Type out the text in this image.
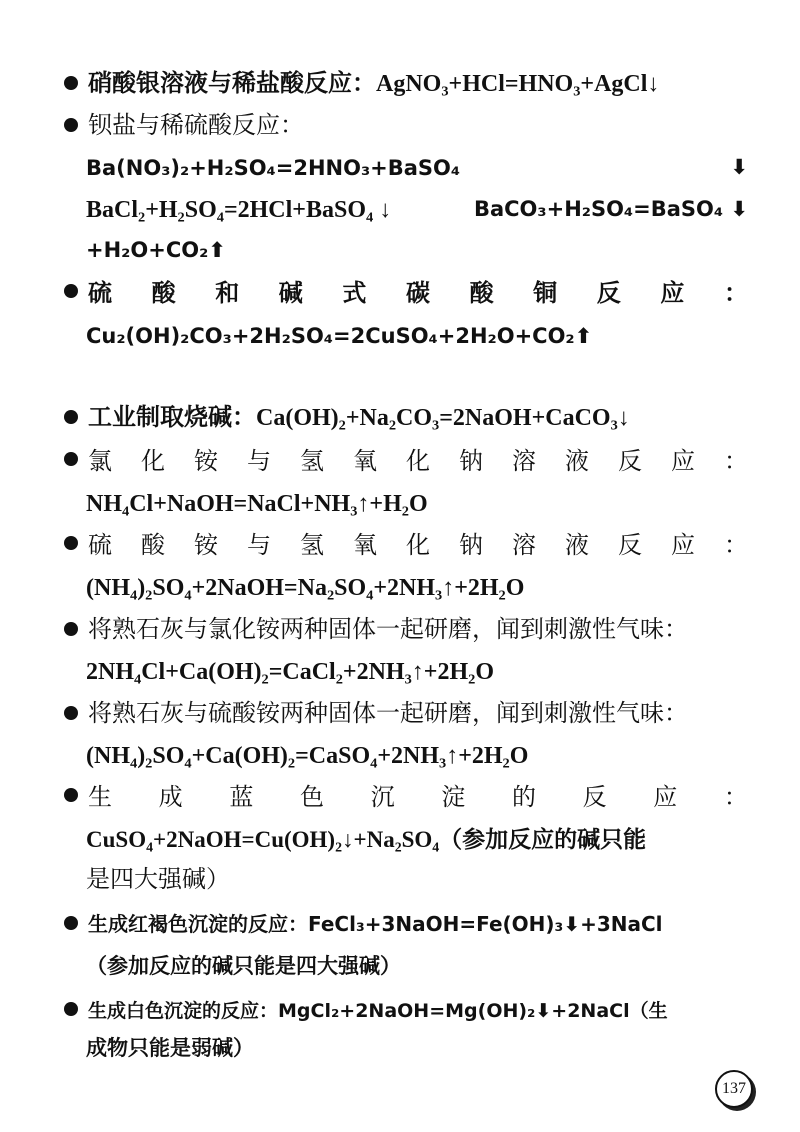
硝酸银溶液与稀盐酸反应：AgNO₃+HCl=HNO₃+AgCl↓
钡盐与稀硫酸反应：
Ba(NO₃)₂+H₂SO₄=2HNO₃+BaSO₄	⬇
BaCl₂+H₂SO₄=2HCl+BaSO₄ ↓	BaCO₃+H₂SO₄=BaSO₄ ⬇
+H₂O+CO₂⬆
硫 酸 和 碱 式 碳 酸 铜 反 应 ：
Cu₂(OH)₂CO₃+2H₂SO₄=2CuSO₄+2H₂O+CO₂⬆
工业制取烧碱：Ca(OH)₂+Na₂CO₃=2NaOH+CaCO₃↓
氯 化 铵 与 氢 氧 化 钠 溶 液 反 应 ：
NH₄Cl+NaOH=NaCl+NH₃↑+H₂O
硫 酸 铵 与 氢 氧 化 钠 溶 液 反 应 ：
(NH₄)₂SO₄+2NaOH=Na₂SO₄+2NH₃↑+2H₂O
将熟石灰与氯化铵两种固体一起研磨，闻到刺激性气味：
2NH₄Cl+Ca(OH)₂=CaCl₂+2NH₃↑+2H₂O
将熟石灰与硫酸铵两种固体一起研磨，闻到刺激性气味：
(NH₄)₂SO₄+Ca(OH)₂=CaSO₄+2NH₃↑+2H₂O
生 成 蓝 色 沉 淀 的 反 应 ：
CuSO₄+2NaOH=Cu(OH)₂↓+Na₂SO₄（参加反应的碱只能
是四大强碱）
生成红褐色沉淀的反应：FeCl₃+3NaOH=Fe(OH)₃⬇+3NaCl
（参加反应的碱只能是四大强碱）
生成白色沉淀的反应：MgCl₂+2NaOH=Mg(OH)₂⬇+2NaCl（生
成物只能是弱碱）
137
